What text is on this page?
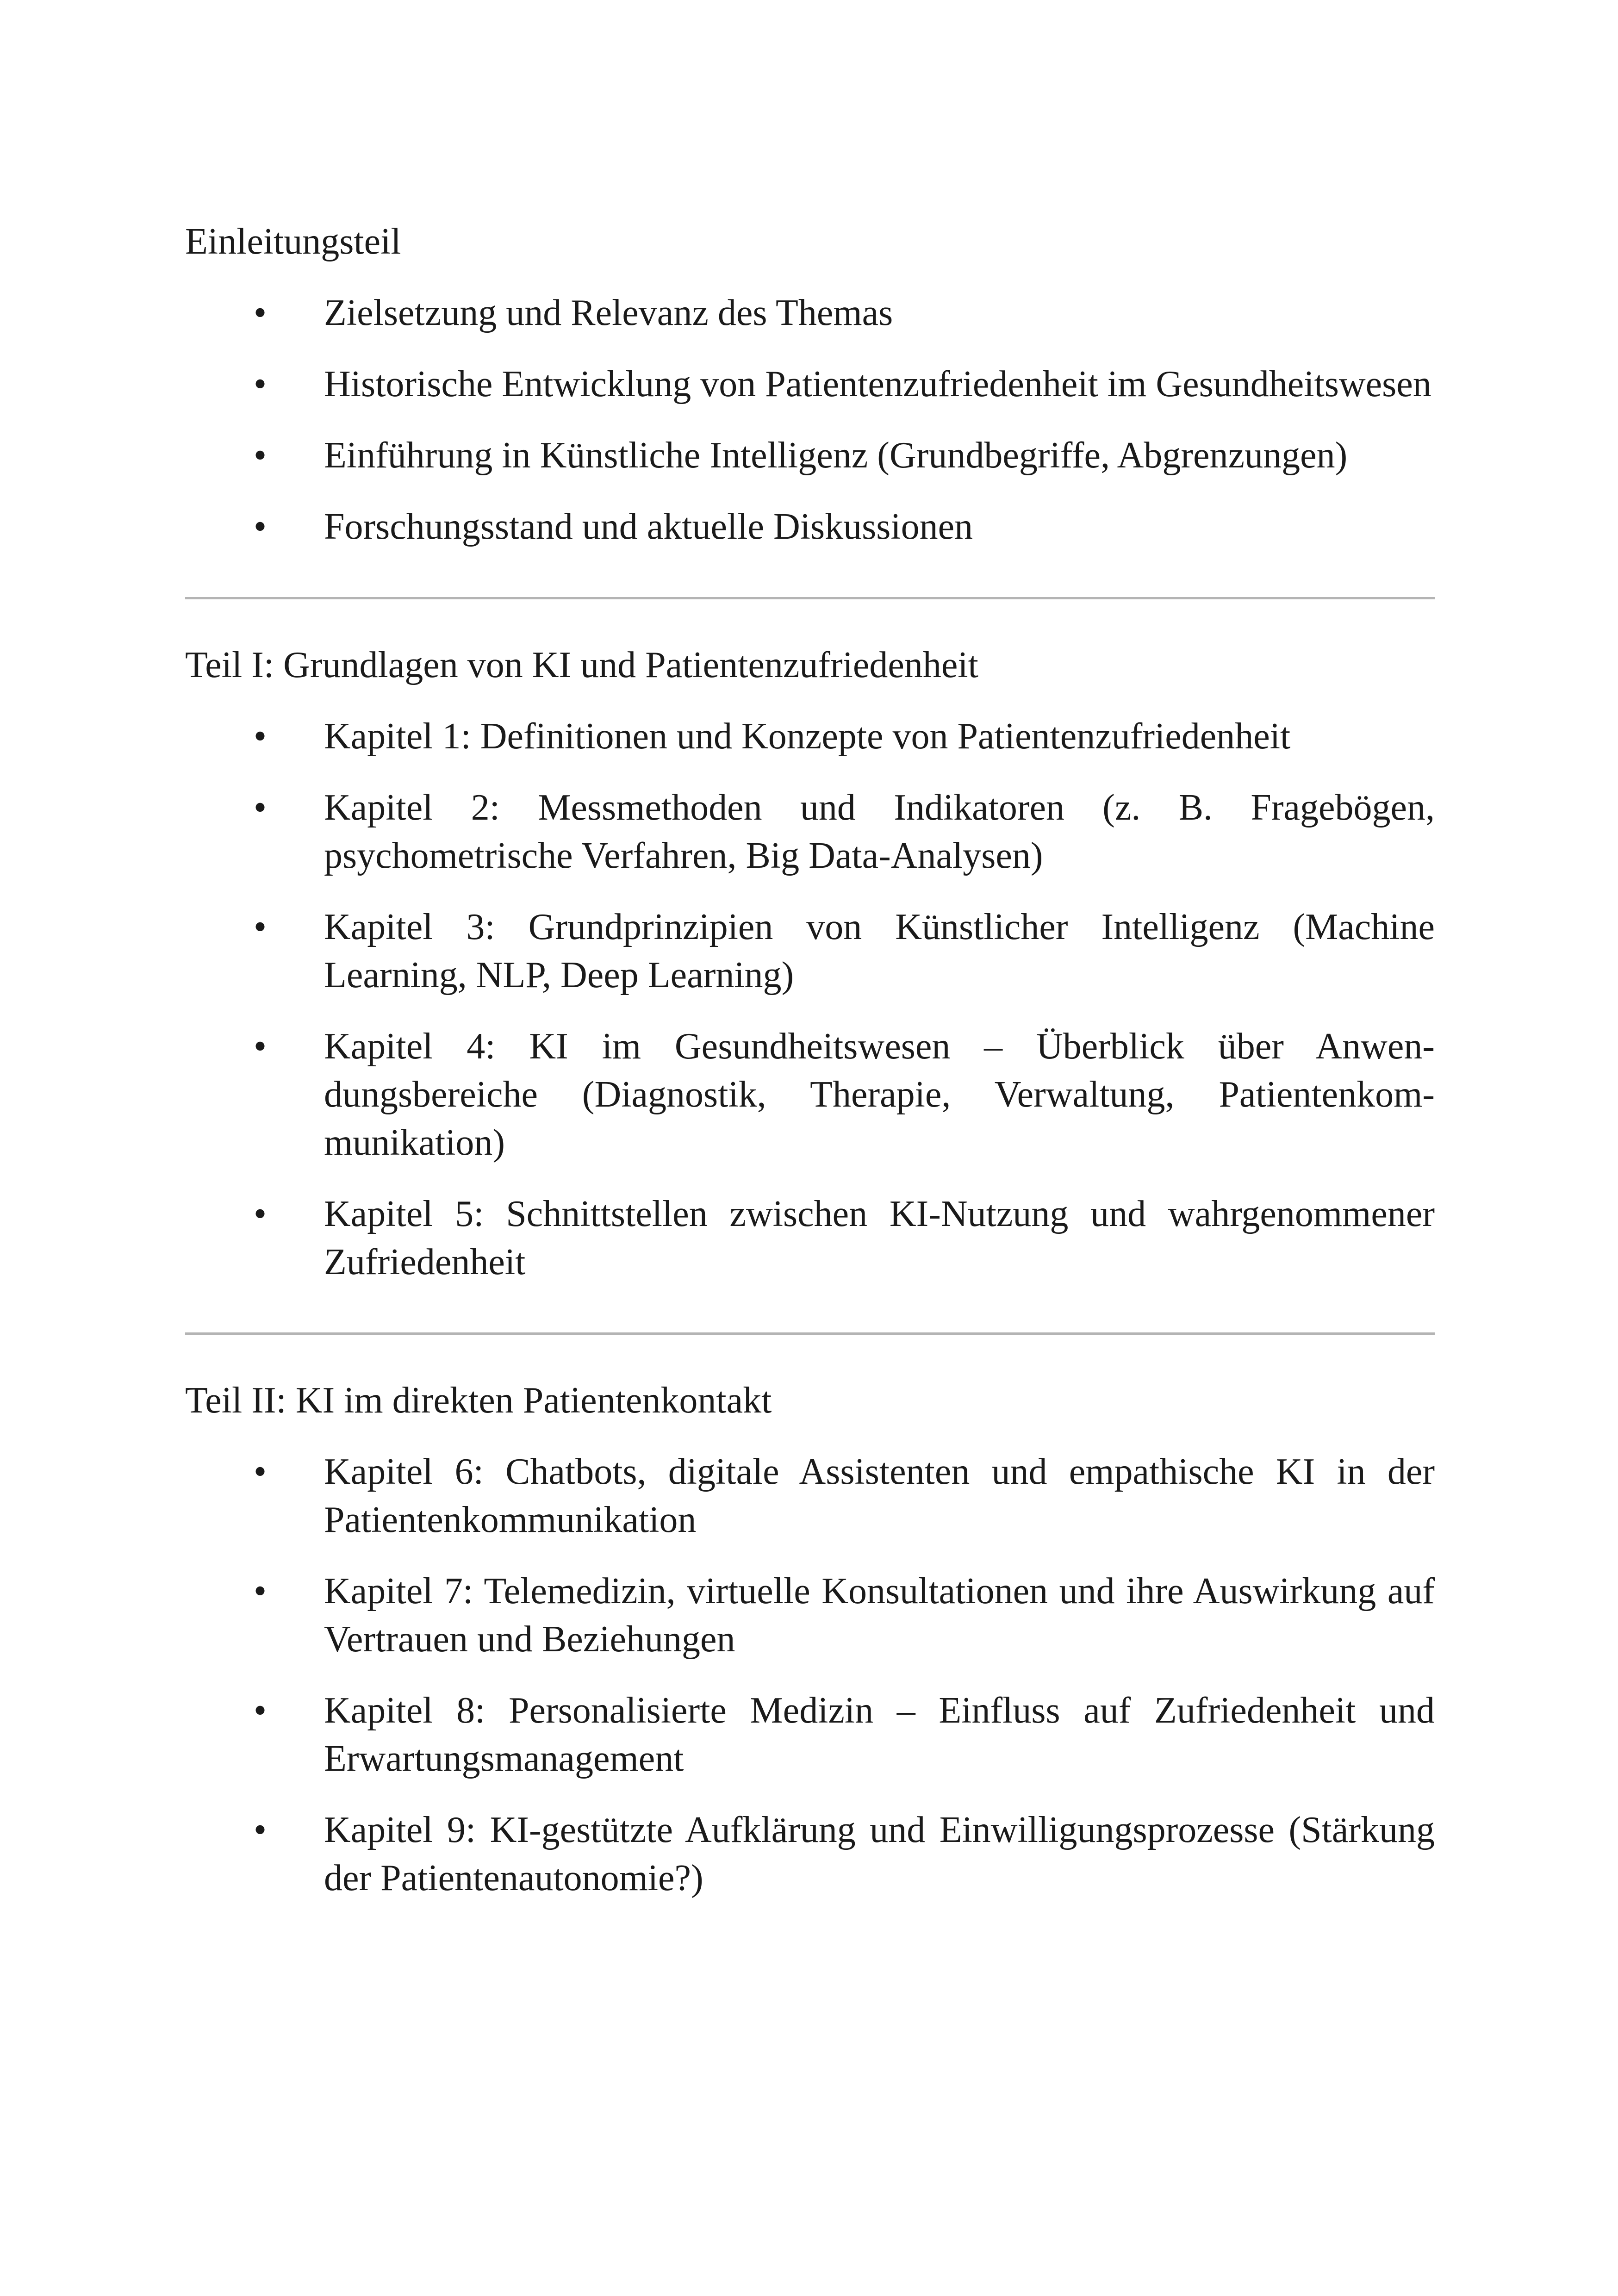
Einleitungsteil
• Zielsetzung und Relevanz des Themas
• Historische Entwicklung von Patientenzufriedenheit im Gesundheitswesen
• Einführung in Künstliche Intelligenz (Grundbegriffe, Abgrenzungen)
• Forschungsstand und aktuelle Diskussionen
Teil I: Grundlagen von KI und Patientenzufriedenheit
• Kapitel 1: Definitionen und Konzepte von Patientenzufriedenheit
• Kapitel 2: Messmethoden und Indikatoren (z. B. Fragebögen, psychometrische Verfahren, Big Data-Analysen)
• Kapitel 3: Grundprinzipien von Künstlicher Intelligenz (Machine Learning, NLP, Deep Learning)
• Kapitel 4: KI im Gesundheitswesen – Überblick über Anwendungsbereiche (Diagnostik, Therapie, Verwaltung, Patientenkommunikation)
• Kapitel 5: Schnittstellen zwischen KI-Nutzung und wahrgenommener Zufriedenheit
Teil II: KI im direkten Patientenkontakt
• Kapitel 6: Chatbots, digitale Assistenten und empathische KI in der Patientenkommunikation
• Kapitel 7: Telemedizin, virtuelle Konsultationen und ihre Auswirkung auf Vertrauen und Beziehungen
• Kapitel 8: Personalisierte Medizin – Einfluss auf Zufriedenheit und Erwartungsmanagement
• Kapitel 9: KI-gestützte Aufklärung und Einwilligungsprozesse (Stärkung der Patientenautonomie?)
